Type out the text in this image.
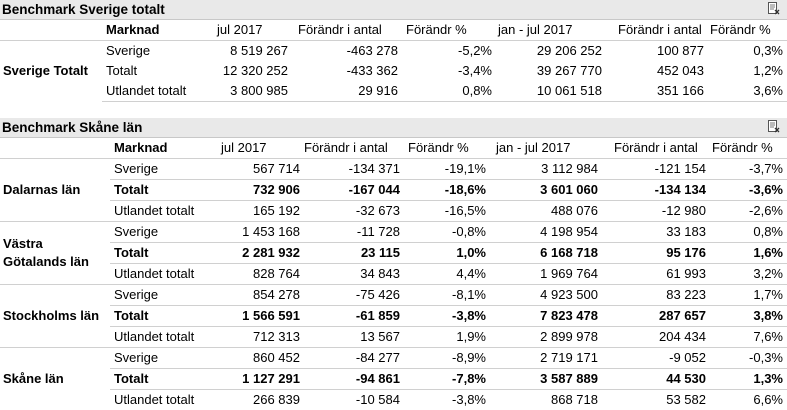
Benchmark Sverige totalt
	Marknad	jul 2017	Förändr i antal	Förändr %	jan - jul 2017	Förändr i antal	Förändr %
Sverige Totalt	Sverige	8 519 267	-463 278	-5,2%	29 206 252	100 877	0,3%
	Totalt	12 320 252	-433 362	-3,4%	39 267 770	452 043	1,2%
	Utlandet totalt	3 800 985	29 916	0,8%	10 061 518	351 166	3,6%
Benchmark Skåne län
	Marknad	jul 2017	Förändr i antal	Förändr %	jan - jul 2017	Förändr i antal	Förändr %
Dalarnas län	Sverige	567 714	-134 371	-19,1%	3 112 984	-121 154	-3,7%
	Totalt	732 906	-167 044	-18,6%	3 601 060	-134 134	-3,6%
	Utlandet totalt	165 192	-32 673	-16,5%	488 076	-12 980	-2,6%
Västra Götalands län	Sverige	1 453 168	-11 728	-0,8%	4 198 954	33 183	0,8%
	Totalt	2 281 932	23 115	1,0%	6 168 718	95 176	1,6%
	Utlandet totalt	828 764	34 843	4,4%	1 969 764	61 993	3,2%
Stockholms län	Sverige	854 278	-75 426	-8,1%	4 923 500	83 223	1,7%
	Totalt	1 566 591	-61 859	-3,8%	7 823 478	287 657	3,8%
	Utlandet totalt	712 313	13 567	1,9%	2 899 978	204 434	7,6%
Skåne län	Sverige	860 452	-84 277	-8,9%	2 719 171	-9 052	-0,3%
	Totalt	1 127 291	-94 861	-7,8%	3 587 889	44 530	1,3%
	Utlandet totalt	266 839	-10 584	-3,8%	868 718	53 582	6,6%
